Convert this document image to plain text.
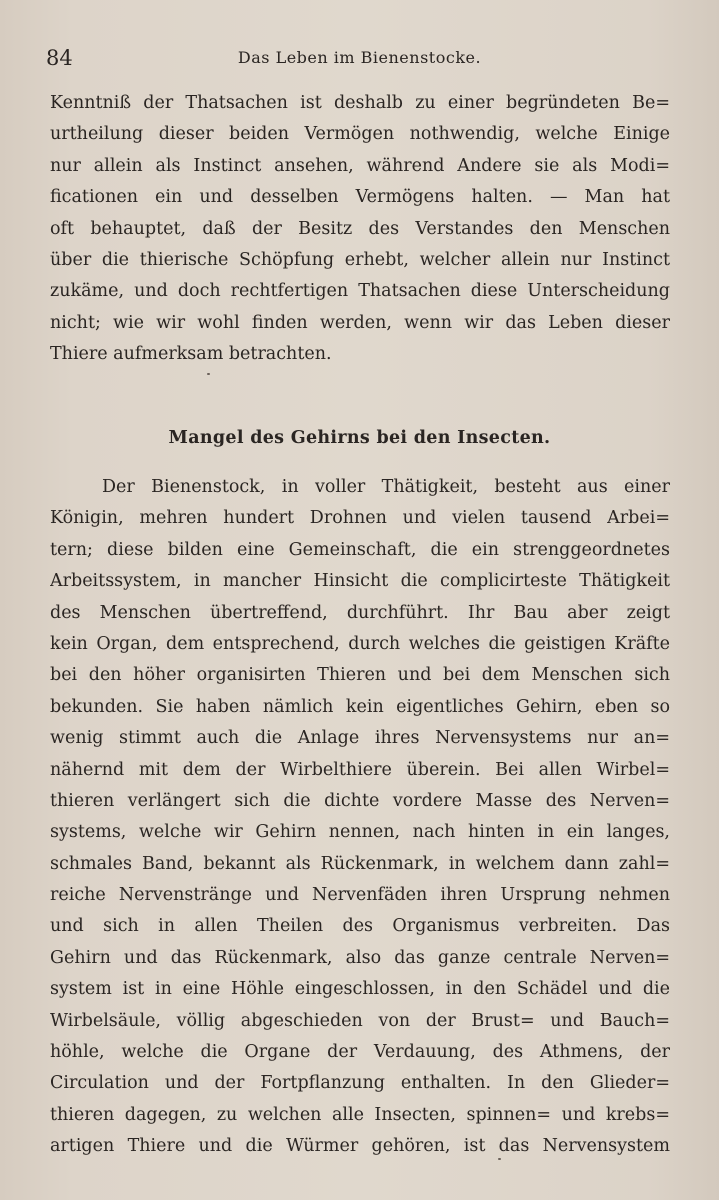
84	Das Leben im Bienenstocke.
Kenntniß der Thatsachen ist deshalb zu einer begründeten Be=
urtheilung dieser beiden Vermögen nothwendig, welche Einige
nur allein als Instinct ansehen, während Andere sie als Modi=
ficationen ein und desselben Vermögens halten. — Man hat
oft behauptet, daß der Besitz des Verstandes den Menschen
über die thierische Schöpfung erhebt, welcher allein nur Instinct
zukäme, und doch rechtfertigen Thatsachen diese Unterscheidung
nicht; wie wir wohl finden werden, wenn wir das Leben dieser
Thiere aufmerksam betrachten.
Mangel des Gehirns bei den Insecten.
Der Bienenstock, in voller Thätigkeit, besteht aus einer
Königin, mehren hundert Drohnen und vielen tausend Arbei=
tern; diese bilden eine Gemeinschaft, die ein strenggeordnetes
Arbeitssystem, in mancher Hinsicht die complicirteste Thätigkeit
des Menschen übertreffend, durchführt. Ihr Bau aber zeigt
kein Organ, dem entsprechend, durch welches die geistigen Kräfte
bei den höher organisirten Thieren und bei dem Menschen sich
bekunden. Sie haben nämlich kein eigentliches Gehirn, eben so
wenig stimmt auch die Anlage ihres Nervensystems nur an=
nähernd mit dem der Wirbelthiere überein. Bei allen Wirbel=
thieren verlängert sich die dichte vordere Masse des Nerven=
systems, welche wir Gehirn nennen, nach hinten in ein langes,
schmales Band, bekannt als Rückenmark, in welchem dann zahl=
reiche Nervenstränge und Nervenfäden ihren Ursprung nehmen
und sich in allen Theilen des Organismus verbreiten. Das
Gehirn und das Rückenmark, also das ganze centrale Nerven=
system ist in eine Höhle eingeschlossen, in den Schädel und die
Wirbelsäule, völlig abgeschieden von der Brust= und Bauch=
höhle, welche die Organe der Verdauung, des Athmens, der
Circulation und der Fortpflanzung enthalten. In den Glieder=
thieren dagegen, zu welchen alle Insecten, spinnen= und krebs=
artigen Thiere und die Würmer gehören, ist das Nervensystem
